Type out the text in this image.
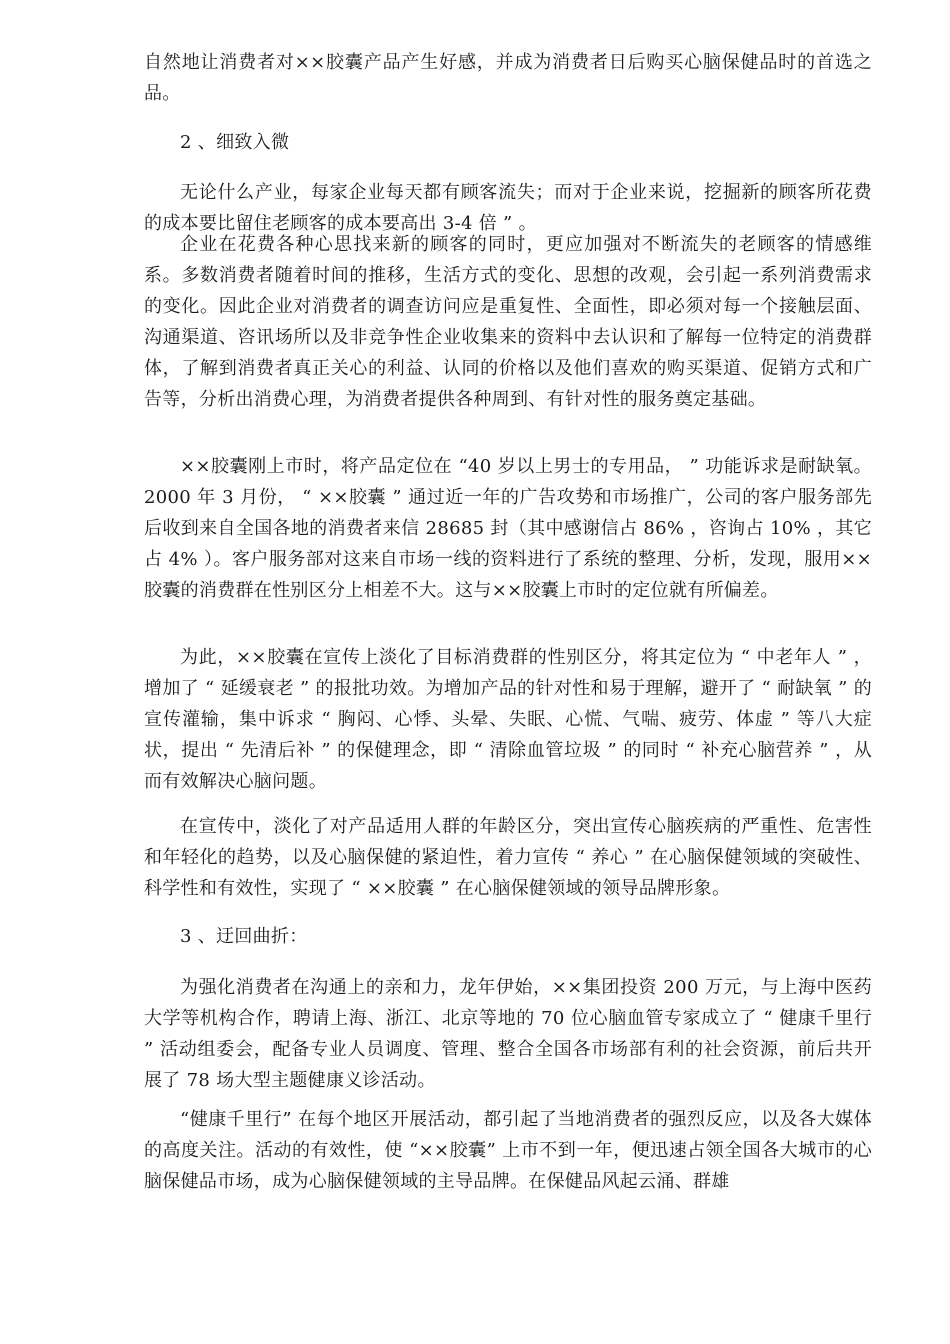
自然地让消费者对××胶囊产品产生好感，并成为消费者日后购买心脑保健品时的首选之品。

2 、细致入微

无论什么产业，每家企业每天都有顾客流失；而对于企业来说，挖掘新的顾客所花费的成本要比留住老顾客的成本要高出 3-4 倍 ” 。

企业在花费各种心思找来新的顾客的同时，更应加强对不断流失的老顾客的情感维系。多数消费者随着时间的推移，生活方式的变化、思想的改观，会引起一系列消费需求的变化。因此企业对消费者的调查访问应是重复性、全面性，即必须对每一个接触层面、沟通渠道、咨讯场所以及非竞争性企业收集来的资料中去认识和了解每一位特定的消费群体，了解到消费者真正关心的利益、认同的价格以及他们喜欢的购买渠道、促销方式和广告等，分析出消费心理，为消费者提供各种周到、有针对性的服务奠定基础。

××胶囊刚上市时，将产品定位在 “40 岁以上男士的专用品， ” 功能诉求是耐缺氧。 2000 年 3 月份， “ ××胶囊 ” 通过近一年的广告攻势和市场推广，公司的客户服务部先后收到来自全国各地的消费者来信 28685 封（其中感谢信占 86% ，咨询占 10% ，其它占 4% ）。客户服务部对这来自市场一线的资料进行了系统的整理、分析，发现，服用××胶囊的消费群在性别区分上相差不大。这与××胶囊上市时的定位就有所偏差。

为此，××胶囊在宣传上淡化了目标消费群的性别区分，将其定位为 “ 中老年人 ” ，增加了 “ 延缓衰老 ” 的报批功效。为增加产品的针对性和易于理解，避开了 “ 耐缺氧 ” 的宣传灌输，集中诉求 “ 胸闷、心悸、头晕、失眠、心慌、气喘、疲劳、体虚 ” 等八大症状，提出 “ 先清后补 ” 的保健理念，即 “ 清除血管垃圾 ” 的同时 “ 补充心脑营养 ” ，从而有效解决心脑问题。

在宣传中，淡化了对产品适用人群的年龄区分，突出宣传心脑疾病的严重性、危害性和年轻化的趋势，以及心脑保健的紧迫性，着力宣传 “ 养心 ” 在心脑保健领域的突破性、科学性和有效性，实现了 “ ××胶囊 ” 在心脑保健领域的领导品牌形象。

3 、迂回曲折：

为强化消费者在沟通上的亲和力，龙年伊始，××集团投资 200 万元，与上海中医药大学等机构合作，聘请上海、浙江、北京等地的 70 位心脑血管专家成立了 “ 健康千里行 ” 活动组委会，配备专业人员调度、管理、整合全国各市场部有利的社会资源，前后共开展了 78 场大型主题健康义诊活动。

“健康千里行” 在每个地区开展活动，都引起了当地消费者的强烈反应，以及各大媒体的高度关注。活动的有效性，使 “××胶囊” 上市不到一年，便迅速占领全国各大城市的心脑保健品市场，成为心脑保健领域的主导品牌。在保健品风起云涌、群雄
